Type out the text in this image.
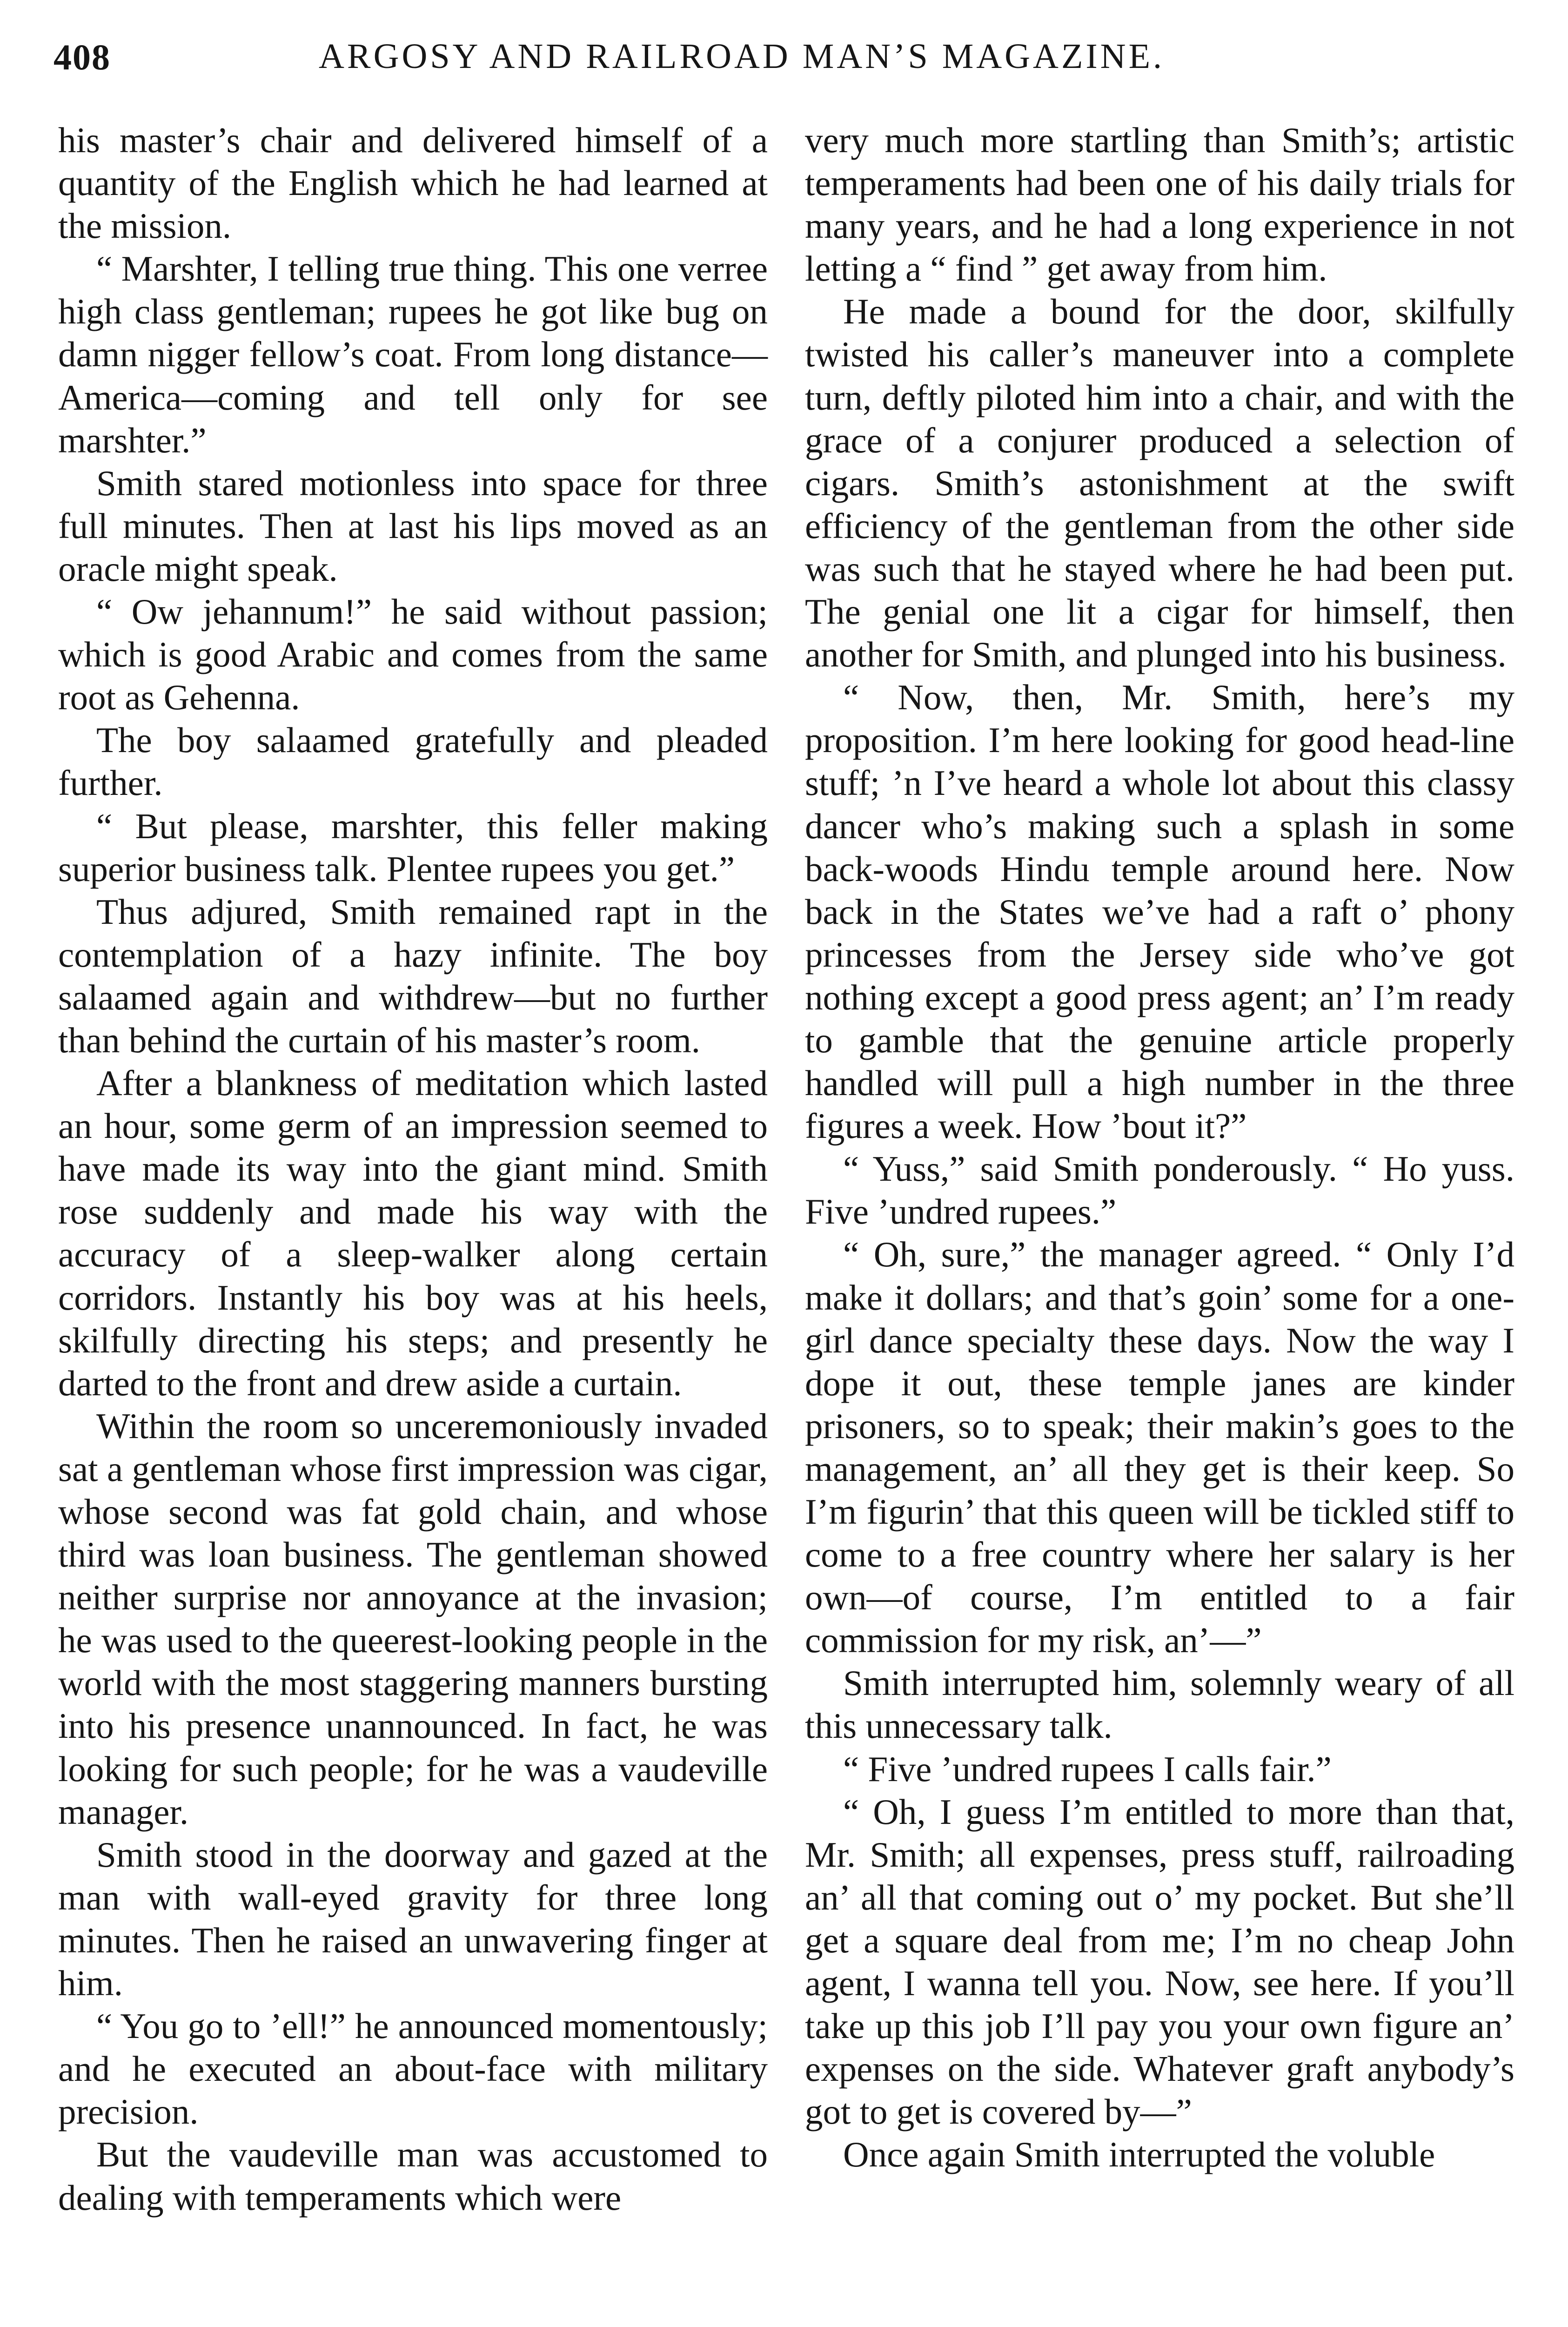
408	ARGOSY AND RAILROAD MAN’S MAGAZINE.

his master’s chair and delivered himself of a quantity of the English which he had learned at the mission.

“ Marshter, I telling true thing. This one verree high class gentleman; rupees he got like bug on damn nigger fellow’s coat. From long distance—America—coming and tell only for see marshter.”

Smith stared motionless into space for three full minutes. Then at last his lips moved as an oracle might speak.

“ Ow jehannum!” he said without passion; which is good Arabic and comes from the same root as Gehenna.

The boy salaamed gratefully and pleaded further.

“ But please, marshter, this feller making superior business talk. Plentee rupees you get.”

Thus adjured, Smith remained rapt in the contemplation of a hazy infinite. The boy salaamed again and withdrew—but no further than behind the curtain of his master’s room.

After a blankness of meditation which lasted an hour, some germ of an impression seemed to have made its way into the giant mind. Smith rose suddenly and made his way with the accuracy of a sleep-walker along certain corridors. Instantly his boy was at his heels, skilfully directing his steps; and presently he darted to the front and drew aside a curtain.

Within the room so unceremoniously invaded sat a gentleman whose first impression was cigar, whose second was fat gold chain, and whose third was loan business. The gentleman showed neither surprise nor annoyance at the invasion; he was used to the queerest-looking people in the world with the most staggering manners bursting into his presence unannounced. In fact, he was looking for such people; for he was a vaudeville manager.

Smith stood in the doorway and gazed at the man with wall-eyed gravity for three long minutes. Then he raised an unwavering finger at him.

“ You go to ’ell!” he announced momentously; and he executed an about-face with military precision.

But the vaudeville man was accustomed to dealing with temperaments which were

very much more startling than Smith’s; artistic temperaments had been one of his daily trials for many years, and he had a long experience in not letting a “ find ” get away from him.

He made a bound for the door, skilfully twisted his caller’s maneuver into a complete turn, deftly piloted him into a chair, and with the grace of a conjurer produced a selection of cigars. Smith’s astonishment at the swift efficiency of the gentleman from the other side was such that he stayed where he had been put. The genial one lit a cigar for himself, then another for Smith, and plunged into his business.

“ Now, then, Mr. Smith, here’s my proposition. I’m here looking for good head-line stuff; ’n I’ve heard a whole lot about this classy dancer who’s making such a splash in some back-woods Hindu temple around here. Now back in the States we’ve had a raft o’ phony princesses from the Jersey side who’ve got nothing except a good press agent; an’ I’m ready to gamble that the genuine article properly handled will pull a high number in the three figures a week. How ’bout it?”

“ Yuss,” said Smith ponderously. “ Ho yuss. Five ’undred rupees.”

“ Oh, sure,” the manager agreed. “ Only I’d make it dollars; and that’s goin’ some for a one-girl dance specialty these days. Now the way I dope it out, these temple janes are kinder prisoners, so to speak; their makin’s goes to the management, an’ all they get is their keep. So I’m figurin’ that this queen will be tickled stiff to come to a free country where her salary is her own—of course, I’m entitled to a fair commission for my risk, an’—”

Smith interrupted him, solemnly weary of all this unnecessary talk.

“ Five ’undred rupees I calls fair.”

“ Oh, I guess I’m entitled to more than that, Mr. Smith; all expenses, press stuff, railroading an’ all that coming out o’ my pocket. But she’ll get a square deal from me; I’m no cheap John agent, I wanna tell you. Now, see here. If you’ll take up this job I’ll pay you your own figure an’ expenses on the side. Whatever graft anybody’s got to get is covered by—”

Once again Smith interrupted the voluble
